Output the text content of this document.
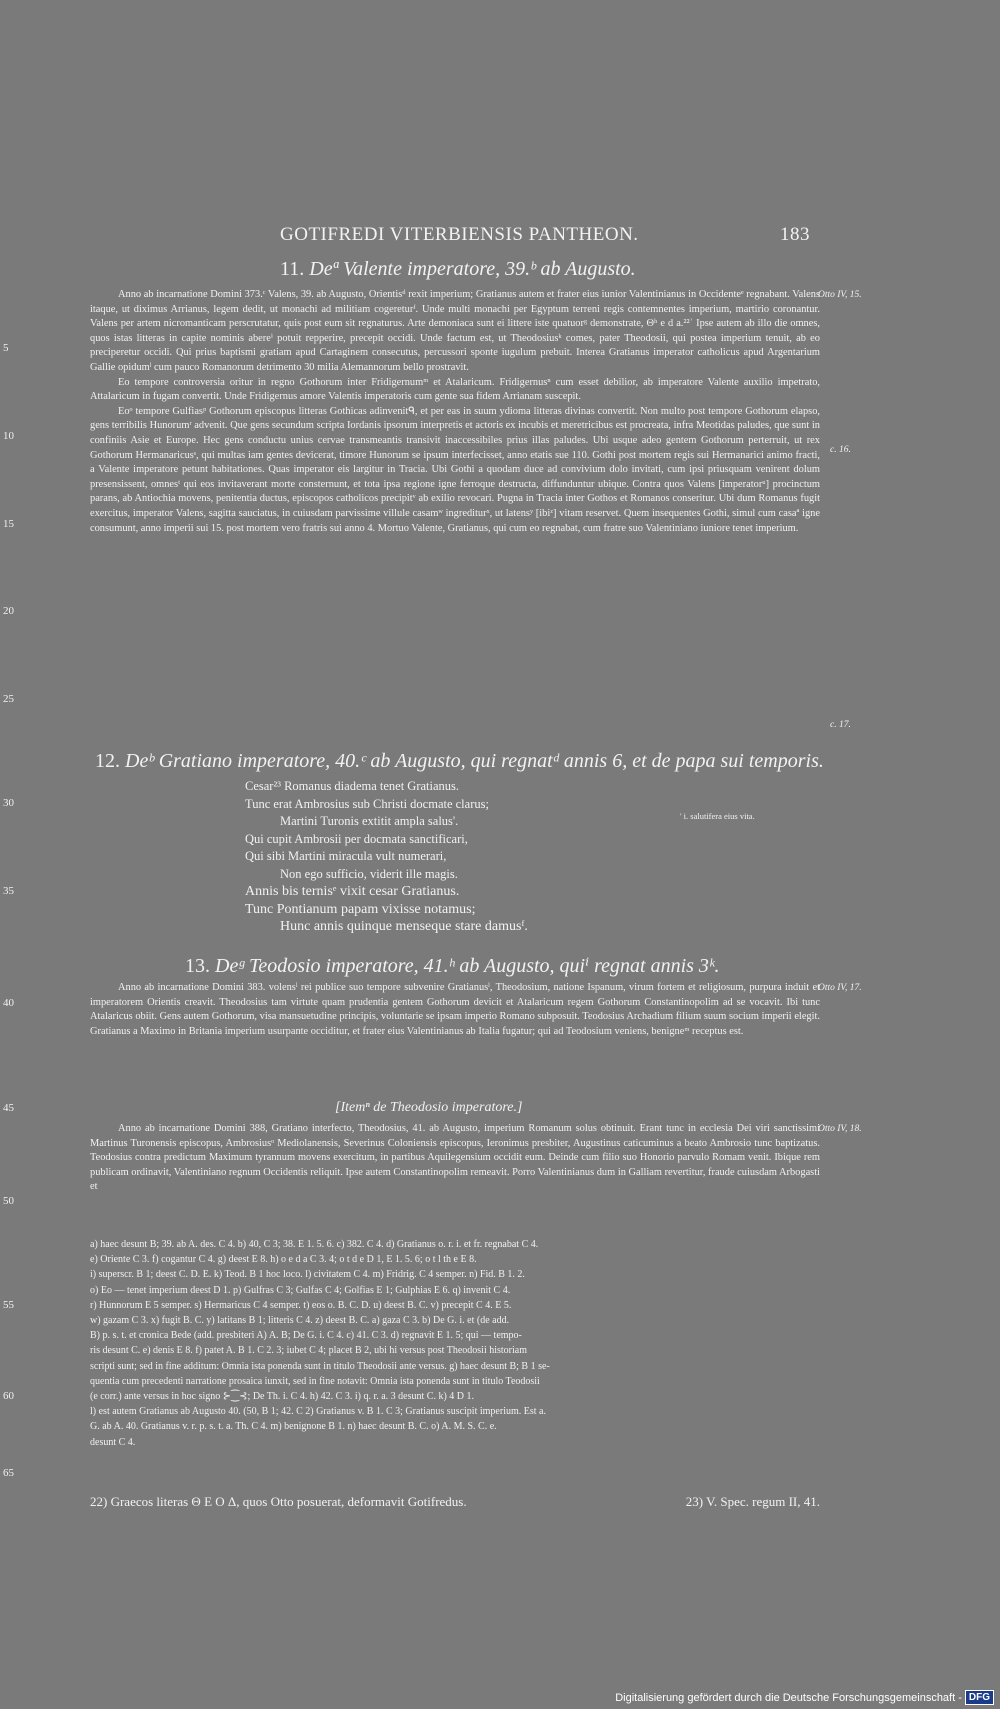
GOTIFREDI VITERBIENSIS PANTHEON.	183
11. Deª Valente imperatore, 39.ᵇ ab Augusto.

Anno ab incarnatione Domini 373.ᶜ Valens, 39. ab Augusto, Orientisᵈ rexit imperium; Gratianus autem et frater eius iunior Valentinianus in Occidenteᵉ regnabant. Valens itaque, ut diximus Arrianus, legem dedit, ut monachi ad militiam cogereturᶠ. Unde multi monachi per Egyptum terreni regis contemnentes imperium, martirio coronantur. Valens per artem nicromanticam perscrutatur, quis post eum sit regnaturus. Arte demoniaca sunt ei littere iste quatuorᵍ demonstrate, Θʰ e d a.²²ʾ Ipse autem ab illo die omnes, quos istas litteras in capite nominis abereⁱ potuit repperire, precepit occidi. Unde factum est, ut Theodosiusᵏ comes, pater Theodosii, qui postea imperium tenuit, ab eo preciperetur occidi. Qui prius baptismi gratiam apud Cartaginem consecutus, percussori sponte iugulum prebuit. Interea Gratianus imperator catholicus apud Argentarium Gallie opidumˡ cum pauco Romanorum detrimento 30 milia Alemannorum bello prostravit.

Eo tempore controversia oritur in regno Gothorum inter Fridigernumᵐ et Atalaricum. Fridigernusⁿ cum esset debilior, ab imperatore Valente auxilio impetrato, Attalaricum in fugam convertit. Unde Fridigernus amore Valentis imperatoris cum gente sua fidem Arrianam suscepit.

Eoᵒ tempore Gulfiasᵖ Gothorum episcopus litteras Gothicas adinvenitᑫ, et per eas in suum ydioma litteras divinas convertit. Non multo post tempore Gothorum elapso, gens terribilis Hunorumʳ advenit. Que gens secundum scripta Iordanis ipsorum interpretis et actoris ex incubis et meretricibus est procreata, infra Meotidas paludes, que sunt in confiniis Asie et Europe. Hec gens conductu unius cervae transmeantis transivit inaccessibiles prius illas paludes. Ubi usque adeo gentem Gothorum perterruit, ut rex Gothorum Hermanaricusˢ, qui multas iam gentes devicerat, timore Hunorum se ipsum interfecisset, anno etatis sue 110. Gothi post mortem regis sui Hermanarici animo fracti, a Valente imperatore petunt habitationes. Quas imperator eis largitur in Tracia. Ubi Gothi a quodam duce ad convivium dolo invitati, cum ipsi priusquam venirent dolum presensissent, omnesᵗ qui eos invitaverant morte consternunt, et tota ipsa regione igne ferroque destructa, diffunduntur ubique. Contra quos Valens [imperatorᵘ] procinctum parans, ab Antiochia movens, penitentia ductus, episcopos catholicos precipitᵛ ab exilio revocari. Pugna in Tracia inter Gothos et Romanos conseritur. Ubi dum Romanus fugit exercitus, imperator Valens, sagitta sauciatus, in cuiusdam parvissime villule casamʷ ingrediturˣ, ut latensʸ [ibiᶻ] vitam reservet. Quem insequentes Gothi, simul cum casaª igne consumunt, anno imperii sui 15. post mortem vero fratris sui anno 4. Mortuo Valente, Gratianus, qui cum eo regnabat, cum fratre suo Valentiniano iuniore tenet imperium.

12. Deᵇ Gratiano imperatore, 40.ᶜ ab Augusto, qui regnatᵈ annis 6, et de papa sui temporis.
Cesar²³ Romanus diadema tenet Gratianus.
Tunc erat Ambrosius sub Christi docmate clarus;
Martini Turonis extitit ampla salus'.
Qui cupit Ambrosii per docmata sanctificari,
Qui sibi Martini miracula vult numerari,
Non ego sufficio, viderit ille magis.
Annis bis ternisᵉ vixit cesar Gratianus.
Tunc Pontianum papam vixisse notamus;
Hunc annis quinque menseque stare damusᶠ.
' i. salutifera eius vita.
13. Deᵍ Teodosio imperatore, 41.ʰ ab Augusto, quiⁱ regnat annis 3ᵏ.

Anno ab incarnatione Domini 383. volensˡ rei publice suo tempore subvenire Gratianusˡ, Theodosium, natione Ispanum, virum fortem et religiosum, purpura induit et imperatorem Orientis creavit. Theodosius tam virtute quam prudentia gentem Gothorum devicit et Atalaricum regem Gothorum Constantinopolim ad se vocavit. Ibi tunc Atalaricus obiit. Gens autem Gothorum, visa mansuetudine principis, voluntarie se ipsam imperio Romano subposuit. Teodosius Archadium filium suum socium imperii elegit. Gratianus a Maximo in Britania imperium usurpante occiditur, et frater eius Valentinianus ab Italia fugatur; qui ad Teodosium veniens, benigneᵐ receptus est.

[Itemⁿ de Theodosio imperatore.]

Anno ab incarnatione Domini 388, Gratiano interfecto, Theodosius, 41. ab Augusto, imperium Romanum solus obtinuit. Erant tunc in ecclesia Dei viri sanctissimi Martinus Turonensis episcopus, Ambrosiusᵒ Mediolanensis, Severinus Coloniensis episcopus, Ieronimus presbiter, Augustinus caticuminus a beato Ambrosio tunc baptizatus. Teodosius contra predictum Maximum tyrannum movens exercitum, in partibus Aquilegensium occidit eum. Deinde cum filio suo Honorio parvulo Romam venit. Ibique rem publicam ordinavit, Valentiniano regnum Occidentis reliquit. Ipse autem Constantinopolim remeavit. Porro Valentinianus dum in Galliam revertitur, fraude cuiusdam Arbogasti et

Otto IV, 15.
c. 16.
c. 17.
Otto IV, 17.
Otto IV, 18.
5
10
15
20
25
30
35
40
45
50
55
60
65
a) haec desunt B; 39. ab A. des. C 4. b) 40, C 3; 38. E 1. 5. 6. c) 382. C 4. d) Gratianus o. r. i. et fr. regnabat C 4.
e) Oriente C 3. f) cogantur C 4. g) deest E 8. h) o e d a C 3. 4; o t d e D 1, E 1. 5. 6; o t l th e E 8.
i) superscr. B 1; deest C. D. E. k) Teod. B 1 hoc loco. l) civitatem C 4. m) Fridrig. C 4 semper. n) Fid. B 1. 2.
o) Eo — tenet imperium deest D 1. p) Gulfras C 3; Gulfas C 4; Golfias E 1; Gulphias E 6. q) invenit C 4.
r) Hunnorum E 5 semper. s) Hermaricus C 4 semper. t) eos o. B. C. D. u) deest B. C. v) precepit C 4. E 5.
w) gazam C 3. x) fugit B. C. y) latitans B 1; litteris C 4. z) deest B. C. a) gaza C 3. b) De G. i. et (de add.
B) p. s. t. et cronica Bede (add. presbiteri A) A. B; De G. i. C 4. c) 41. C 3. d) regnavit E 1. 5; qui — tempo-
ris desunt C. e) denis E 8. f) patet A. B 1. C 2. 3; iubet C 4; placet B 2, ubi hi versus post Theodosii historiam
scripti sunt; sed in fine additum: Omnia ista ponenda sunt in titulo Theodosii ante versus. g) haec desunt B; B 1 se-
quentia cum precedenti narratione prosaica iunxit, sed in fine notavit: Omnia ista ponenda sunt in titulo Teodosii
(e corr.) ante versus in hoc signo ⊱⁐⊰; De Th. i. C 4. h) 42. C 3. i) q. r. a. 3 desunt C. k) 4 D 1.
l) est autem Gratianus ab Augusto 40. (50, B 1; 42. C 2) Gratianus v. B 1. C 3; Gratianus suscipit imperium. Est a.
G. ab A. 40. Gratianus v. r. p. s. t. a. Th. C 4. m) benignone B 1. n) haec desunt B. C. o) A. M. S. C. e.
desunt C 4.
22) Graecos literas Θ E O Δ, quos Otto posuerat, deformavit Gotifredus.	23) V. Spec. regum II, 41.
Digitalisierung gefördert durch die Deutsche Forschungsgemeinschaft - DFG
